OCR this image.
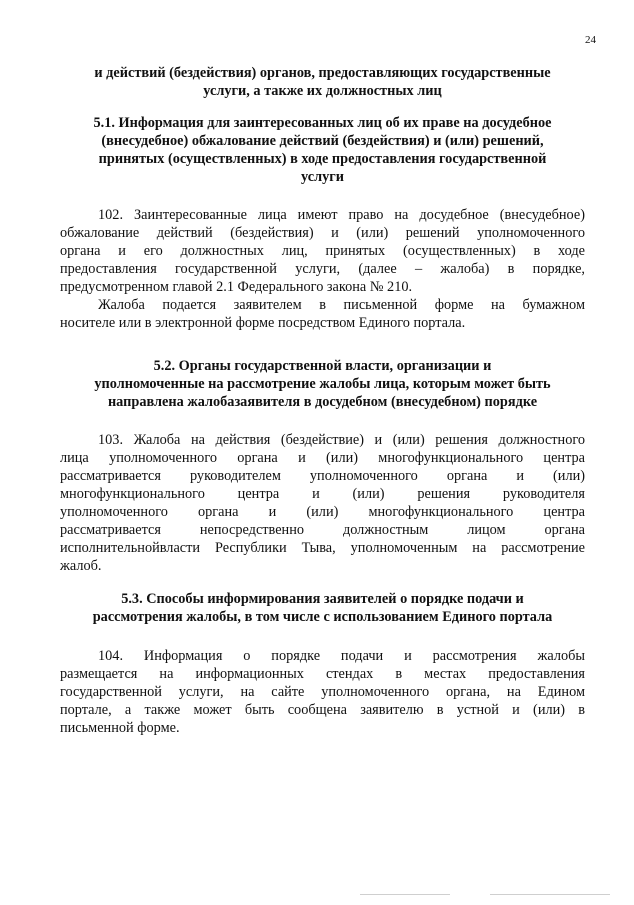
24
и действий (бездействия) органов, предоставляющих государственные
услуги, а также их должностных лиц
5.1. Информация для заинтересованных лиц об их праве на досудебное
(внесудебное) обжалование действий (бездействия) и (или) решений,
принятых (осуществленных) в ходе предоставления государственной
услуги
102. Заинтересованные лица имеют право на досудебное (внесудебное)
обжалование действий (бездействия) и (или) решений уполномоченного
органа и его должностных лиц, принятых (осуществленных) в ходе
предоставления государственной услуги, (далее – жалоба) в порядке,
предусмотренном главой 2.1 Федерального закона № 210.
Жалоба подается заявителем в письменной форме на бумажном
носителе или в электронной форме посредством Единого портала.
5.2. Органы государственной власти, организации и
уполномоченные на рассмотрение жалобы лица, которым может быть
направлена жалобазаявителя в досудебном (внесудебном) порядке
103. Жалоба на действия (бездействие) и (или) решения должностного
лица уполномоченного органа и (или) многофункционального центра
рассматривается руководителем уполномоченного органа и (или)
многофункционального центра и (или) решения руководителя
уполномоченного органа и (или) многофункционального центра
рассматривается непосредственно должностным лицом органа
исполнительнойвласти Республики Тыва, уполномоченным на рассмотрение
жалоб.
5.3. Способы информирования заявителей о порядке подачи и
рассмотрения жалобы, в том числе с использованием Единого портала
104. Информация о порядке подачи и рассмотрения жалобы
размещается на информационных стендах в местах предоставления
государственной услуги, на сайте уполномоченного органа, на Едином
портале, а также может быть сообщена заявителю в устной и (или) в
письменной форме.
